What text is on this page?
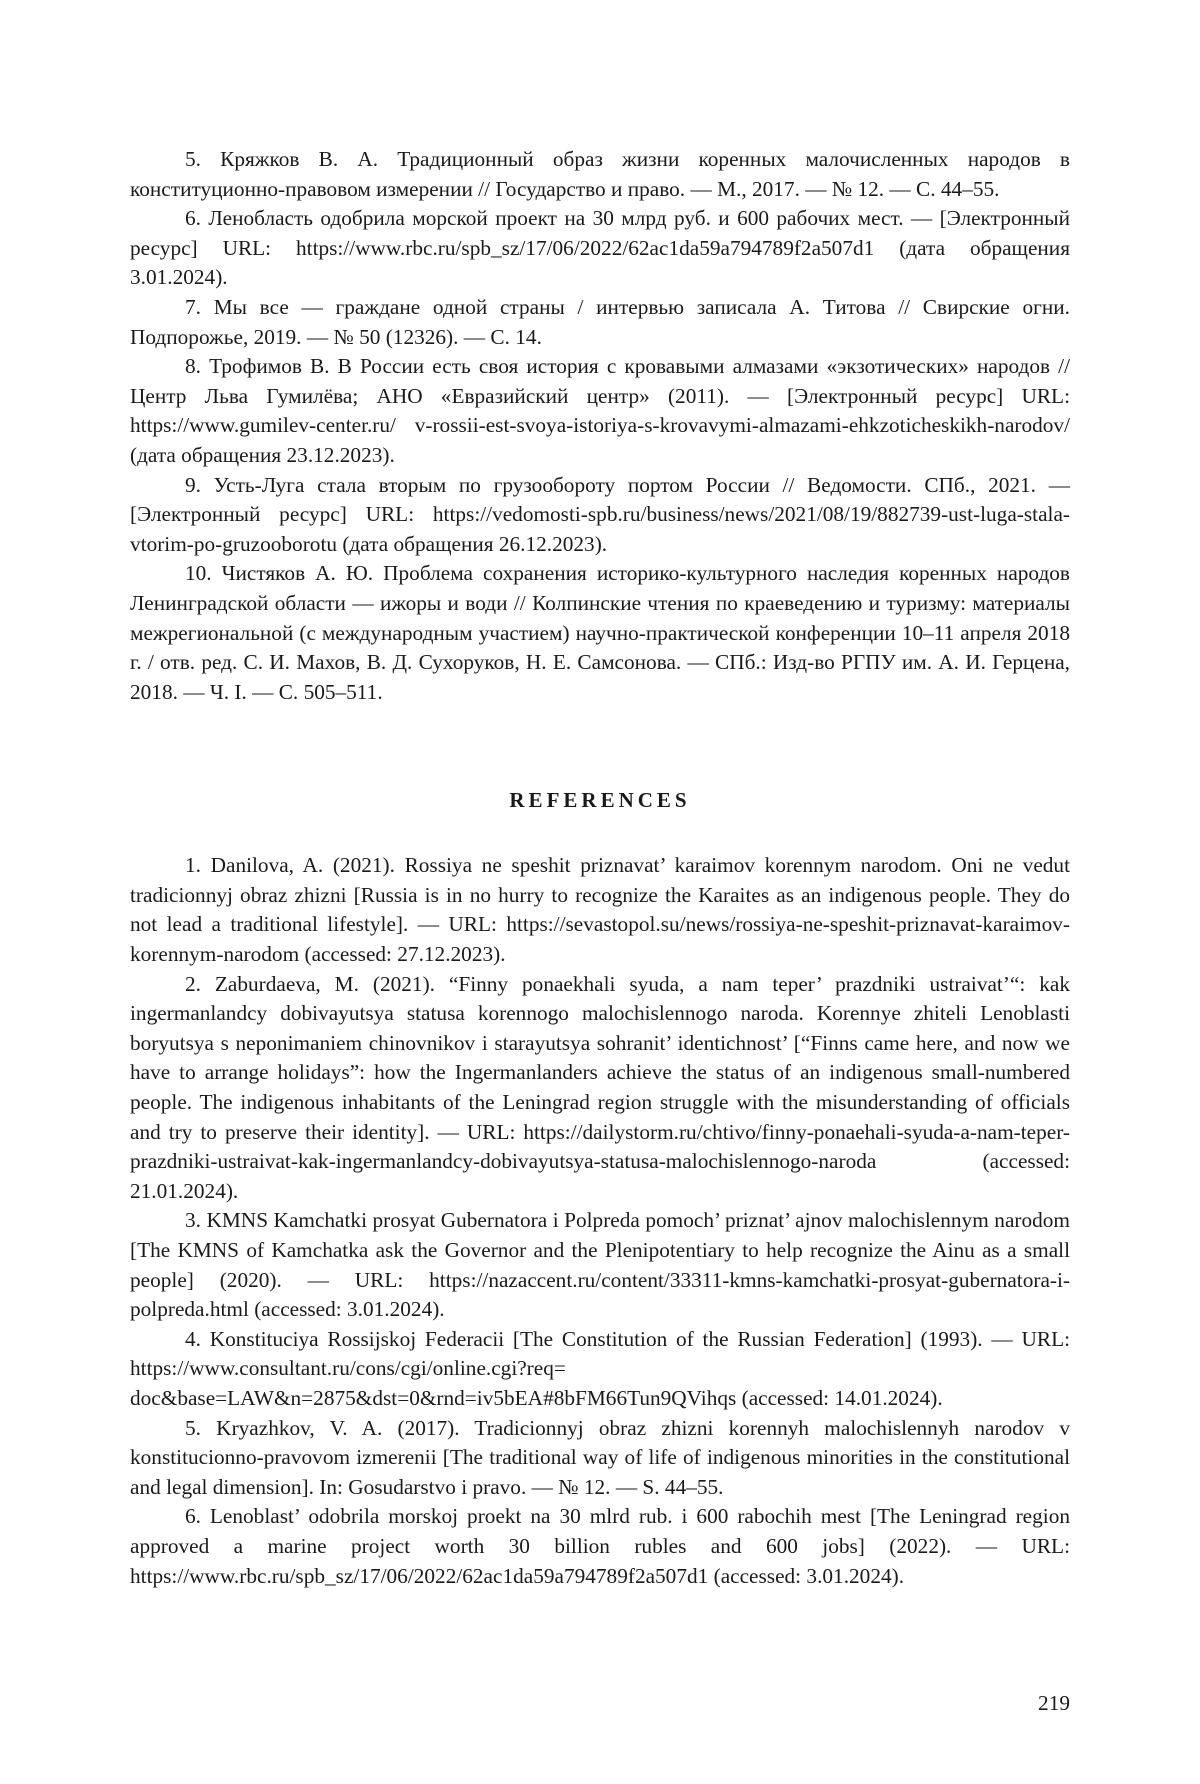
5. Кряжков В. А. Традиционный образ жизни коренных малочисленных народов в конституционно-правовом измерении // Государство и право. — М., 2017. — № 12. — С. 44–55.

6. Ленобласть одобрила морской проект на 30 млрд руб. и 600 рабочих мест. — [Электронный ресурс] URL: https://www.rbc.ru/spb_sz/17/06/2022/62ac1da59a794789f2a507d1 (дата обращения 3.01.2024).

7. Мы все — граждане одной страны / интервью записала А. Титова // Свирские огни. Подпорожье, 2019. — № 50 (12326). — С. 14.

8. Трофимов В. В России есть своя история с кровавыми алмазами «экзотических» народов // Центр Льва Гумилёва; АНО «Евразийский центр» (2011). — [Электронный ресурс] URL: https://www.gumilev-center.ru/ v-rossii-est-svoya-istoriya-s-krovavymi-almazami-ehkzoticheskikh-narodov/ (дата обращения 23.12.2023).

9. Усть-Луга стала вторым по грузообороту портом России // Ведомости. СПб., 2021. — [Электронный ресурс] URL: https://vedomosti-spb.ru/business/news/2021/08/19/882739-ust-luga-stala-vtorim-po-gruzooborotu (дата обращения 26.12.2023).

10. Чистяков А. Ю. Проблема сохранения историко-культурного наследия коренных народов Ленинградской области — ижоры и води // Колпинские чтения по краеведению и туризму: материалы межрегиональной (с международным участием) научно-практической конференции 10–11 апреля 2018 г. / отв. ред. С. И. Махов, В. Д. Сухоруков, Н. Е. Самсонова. — СПб.: Изд-во РГПУ им. А. И. Герцена, 2018. — Ч. I. — С. 505–511.

REFERENCES

1. Danilova, A. (2021). Rossiya ne speshit priznavat’ karaimov korennym narodom. Oni ne vedut tradicionnyj obraz zhizni [Russia is in no hurry to recognize the Karaites as an indigenous people. They do not lead a traditional lifestyle]. — URL: https://sevastopol.su/news/rossiya-ne-speshit-priznavat-karaimov-korennym-narodom (accessed: 27.12.2023).

2. Zaburdaeva, M. (2021). “Finny ponaekhali syuda, a nam teper’ prazdniki ustraivat’“: kak ingermanlandcy dobivayutsya statusa korennogo malochislennogo naroda. Korennye zhiteli Lenoblasti boryutsya s neponimaniem chinovnikov i starayutsya sohranit’ identichnost’ [“Finns came here, and now we have to arrange holidays”: how the Ingermanlanders achieve the status of an indigenous small-numbered people. The indigenous inhabitants of the Leningrad region struggle with the misunderstanding of officials and try to preserve their identity]. — URL: https://dailystorm.ru/chtivo/finny-ponaehali-syuda-a-nam-teper-prazdniki-ustraivat-kak-ingermanlandcy-dobivayutsya-statusa-malochislennogo-naroda (accessed: 21.01.2024).

3. KMNS Kamchatki prosyat Gubernatora i Polpreda pomoch’ priznat’ ajnov malochislennym narodom [The KMNS of Kamchatka ask the Governor and the Plenipotentiary to help recognize the Ainu as a small people] (2020). — URL: https://nazaccent.ru/content/33311-kmns-kamchatki-prosyat-gubernatora-i-polpreda.html (accessed: 3.01.2024).

4. Konstituciya Rossijskoj Federacii [The Constitution of the Russian Federation] (1993). — URL: https://www.consultant.ru/cons/cgi/online.cgi?req= doc&base=LAW&n=2875&dst=0&rnd=iv5bEA#8bFM66Tun9QVihqs (accessed: 14.01.2024).

5. Kryazhkov, V. A. (2017). Tradicionnyj obraz zhizni korennyh malochislennyh narodov v konstitucionno-pravovom izmerenii [The traditional way of life of indigenous minorities in the constitutional and legal dimension]. In: Gosudarstvo i pravo. — № 12. — S. 44–55.

6. Lenoblast’ odobrila morskoj proekt na 30 mlrd rub. i 600 rabochih mest [The Leningrad region approved a marine project worth 30 billion rubles and 600 jobs] (2022). — URL: https://www.rbc.ru/spb_sz/17/06/2022/62ac1da59a794789f2a507d1 (accessed: 3.01.2024).

219
